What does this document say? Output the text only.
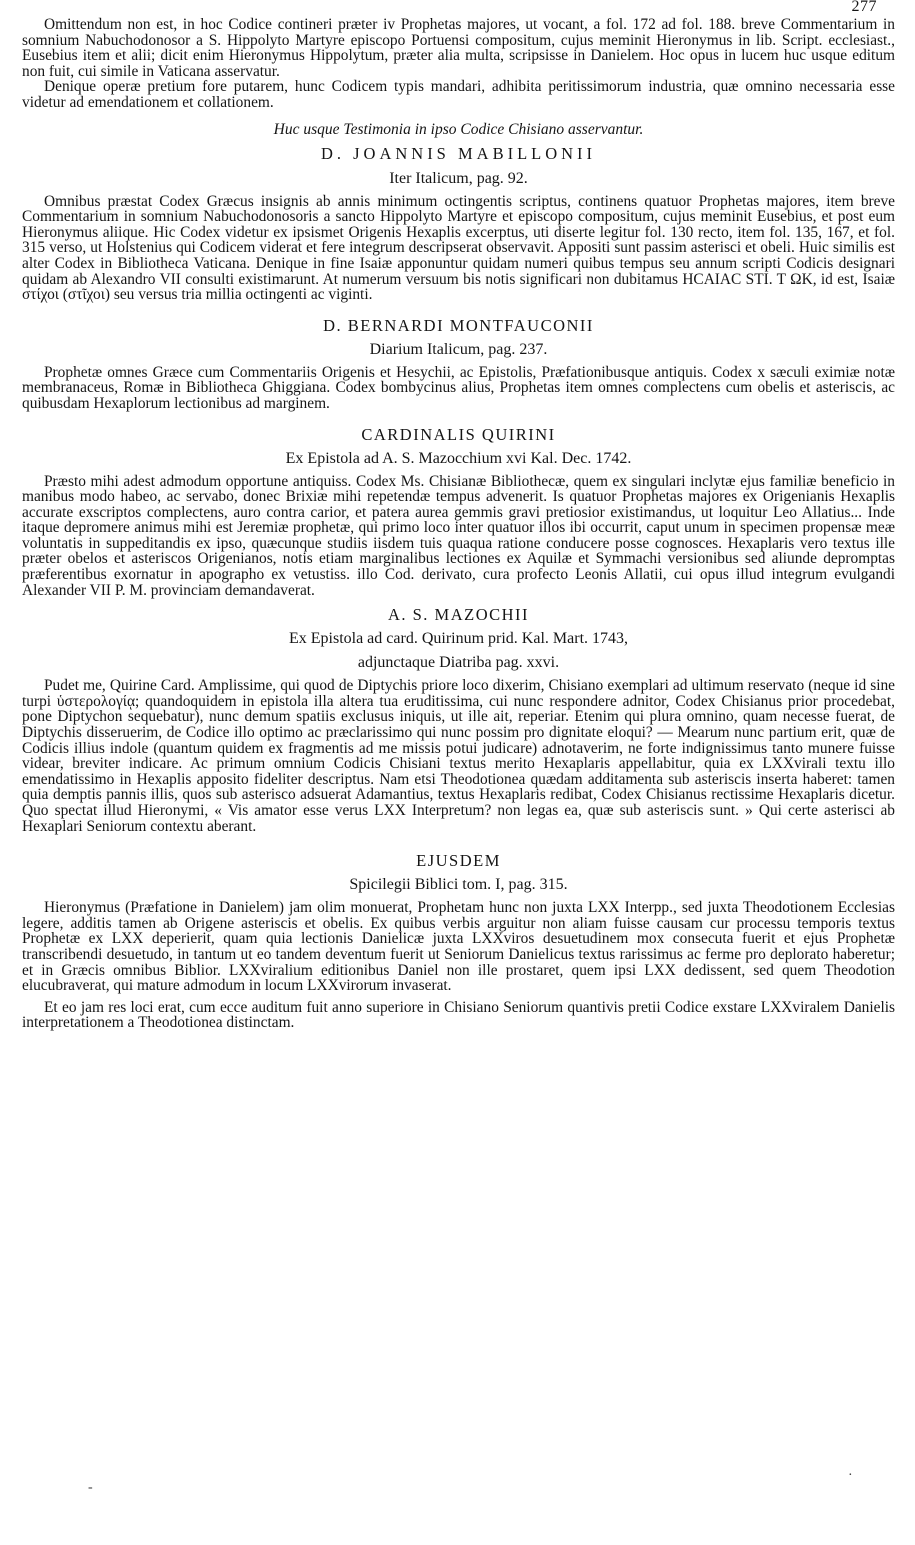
277

Omittendum non est, in hoc Codice contineri præter iv Prophetas majores, ut vocant, a fol. 172 ad fol. 188. breve Commentarium in somnium Nabuchodonosor a S. Hippolyto Martyre episcopo Portuensi compositum, cujus meminit Hieronymus in lib. Script. ecclesiast., Eusebius item et alii; dicit enim Hieronymus Hippolytum, præter alia multa, scripsisse in Danielem. Hoc opus in lucem huc usque editum non fuit, cui simile in Vaticana asservatur.

Denique operæ pretium fore putarem, hunc Codicem typis mandari, adhibita peritissimorum industria, quæ omnino necessaria esse videtur ad emendationem et collationem.

Huc usque Testimonia in ipso Codice Chisiano asservantur.

D. JOANNIS MABILLONII

Iter Italicum, pag. 92.

Omnibus præstat Codex Græcus insignis ab annis minimum octingentis scriptus, continens quatuor Prophetas majores, item breve Commentarium in somnium Nabuchodonosoris a sancto Hippolyto Martyre et episcopo compositum, cujus meminit Eusebius, et post eum Hieronymus aliique. Hic Codex videtur ex ipsismet Origenis Hexaplis excerptus, uti diserte legitur fol. 130 recto, item fol. 135, 167, et fol. 315 verso, ut Holstenius qui Codicem viderat et fere integrum descripserat observavit. Appositi sunt passim asterisci et obeli. Huic similis est alter Codex in Bibliotheca Vaticana. Denique in fine Isaiæ apponuntur quidam numeri quibus tempus seu annum scripti Codicis designari quidam ab Alexandro VII consulti existimarunt. At numerum versuum bis notis significari non dubitamus ΗCΑΙΑC STI. T ΩK, id est, Isaiæ στίχοι (στῖχοι) seu versus tria millia octingenti ac viginti.

D. BERNARDI MONTFAUCONII

Diarium Italicum, pag. 237.

Prophetæ omnes Græce cum Commentariis Origenis et Hesychii, ac Epistolis, Præfationibusque antiquis. Codex x sæculi eximiæ notæ membranaceus, Romæ in Bibliotheca Ghiggiana. Codex bombycinus alius, Prophetas item omnes complectens cum obelis et asteriscis, ac quibusdam Hexaplorum lectionibus ad marginem.

CARDINALIS QUIRINI

Ex Epistola ad A. S. Mazocchium xvi Kal. Dec. 1742.

Præsto mihi adest admodum opportune antiquiss. Codex Ms. Chisianæ Bibliothecæ, quem ex singulari inclytæ ejus familiæ beneficio in manibus modo habeo, ac servabo, donec Brixiæ mihi repetendæ tempus advenerit. Is quatuor Prophetas majores ex Origenianis Hexaplis accurate exscriptos complectens, auro contra carior, et patera aurea gemmis gravi pretiosior existimandus, ut loquitur Leo Allatius... Inde itaque depromere animus mihi est Jeremiæ prophetæ, qui primo loco inter quatuor illos ibi occurrit, caput unum in specimen propensæ meæ voluntatis in suppeditandis ex ipso, quæcunque studiis iisdem tuis quaqua ratione conducere posse cognosces. Hexaplaris vero textus ille præter obelos et asteriscos Origenianos, notis etiam marginalibus lectiones ex Aquilæ et Symmachi versionibus sed aliunde depromptas præferentibus exornatur in apographo ex vetustiss. illo Cod. derivato, cura profecto Leonis Allatii, cui opus illud integrum evulgandi Alexander VII P. M. provinciam demandaverat.

A. S. MAZOCHII

Ex Epistola ad card. Quirinum prid. Kal. Mart. 1743,

adjunctaque Diatriba pag. xxvi.

Pudet me, Quirine Card. Amplissime, qui quod de Diptychis priore loco dixerim, Chisiano exemplari ad ultimum reservato (neque id sine turpi ὑστερολογίᾳ; quandoquidem in epistola illa altera tua eruditissima, cui nunc respondere adnitor, Codex Chisianus prior procedebat, pone Diptychon sequebatur), nunc demum spatiis exclusus iniquis, ut ille ait, reperiar. Etenim qui plura omnino, quam necesse fuerat, de Diptychis disseruerim, de Codice illo optimo ac præclarissimo qui nunc possim pro dignitate eloqui? — Mearum nunc partium erit, quæ de Codicis illius indole (quantum quidem ex fragmentis ad me missis potui judicare) adnotaverim, ne forte indignissimus tanto munere fuisse videar, breviter indicare. Ac primum omnium Codicis Chisiani textus merito Hexaplaris appellabitur, quia ex LXXvirali textu illo emendatissimo in Hexaplis apposito fideliter descriptus. Nam etsi Theodotionea quædam additamenta sub asteriscis inserta haberet: tamen quia demptis pannis illis, quos sub asterisco adsuerat Adamantius, textus Hexaplaris redibat, Codex Chisianus rectissime Hexaplaris dicetur. Quo spectat illud Hieronymi, « Vis amator esse verus LXX Interpretum? non legas ea, quæ sub asteriscis sunt. » Qui certe asterisci ab Hexaplari Seniorum contextu aberant.

EJUSDEM

Spicilegii Biblici tom. I, pag. 315.

Hieronymus (Præfatione in Danielem) jam olim monuerat, Prophetam hunc non juxta LXX Interpp., sed juxta Theodotionem Ecclesias legere, additis tamen ab Origene asteriscis et obelis. Ex quibus verbis arguitur non aliam fuisse causam cur processu temporis textus Prophetæ ex LXX deperierit, quam quia lectionis Danielicæ juxta LXXviros desuetudinem mox consecuta fuerit et ejus Prophetæ transcribendi desuetudo, in tantum ut eo tandem deventum fuerit ut Seniorum Danielicus textus rarissimus ac ferme pro deplorato haberetur; et in Græcis omnibus Biblior. LXXviralium editionibus Daniel non ille prostaret, quem ipsi LXX dedissent, sed quem Theodotion elucubraverat, qui mature admodum in locum LXXvirorum invaserat.

Et eo jam res loci erat, cum ecce auditum fuit anno superiore in Chisiano Seniorum quantivis pretii Codice exstare LXXviralem Danielis interpretationem a Theodotionea distinctam.

·
-
